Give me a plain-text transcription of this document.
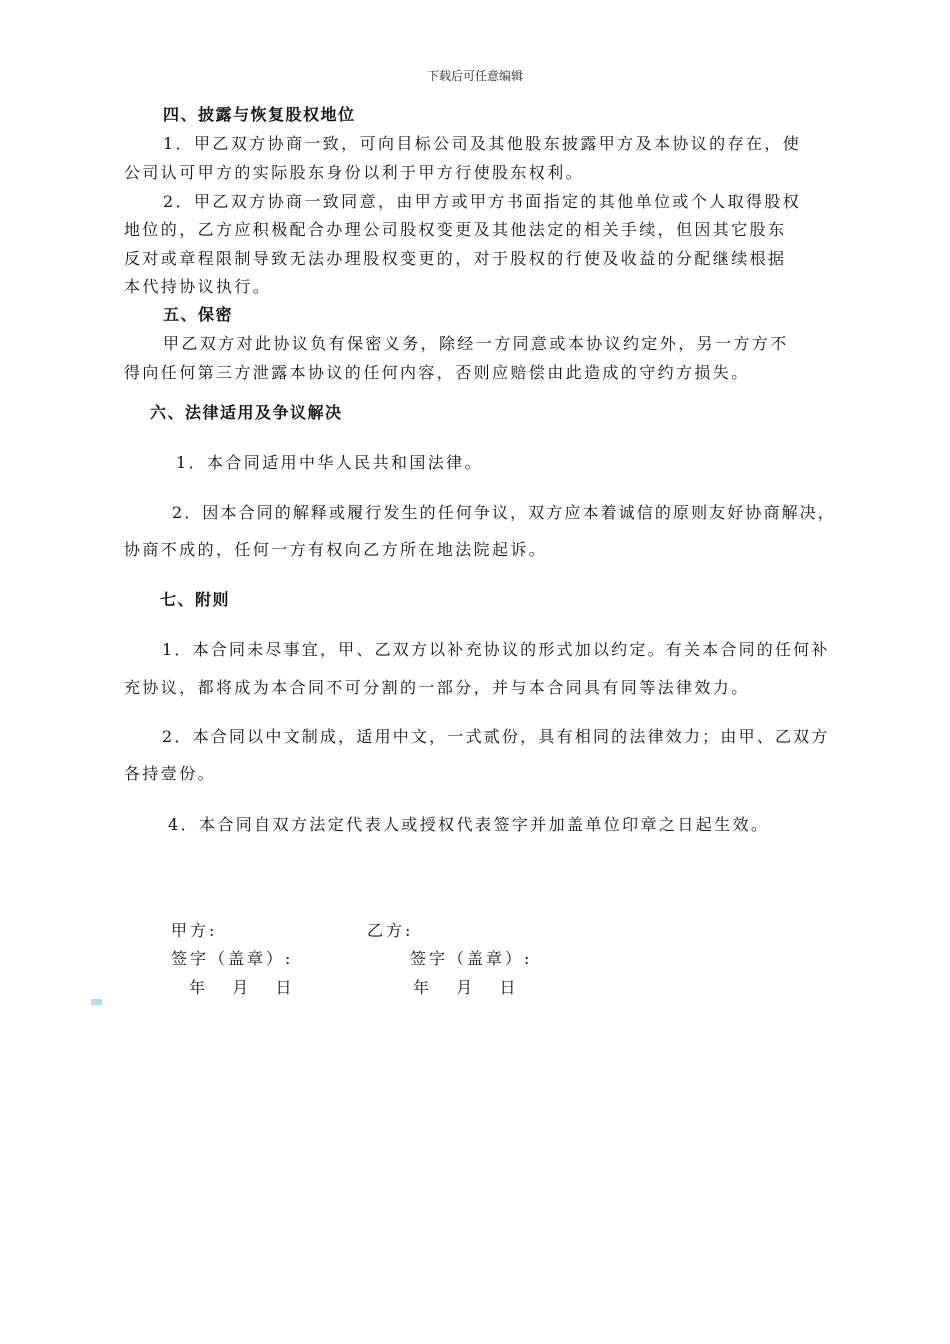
下载后可任意编辑
四、披露与恢复股权地位
1．甲乙双方协商一致，可向目标公司及其他股东披露甲方及本协议的存在，使
公司认可甲方的实际股东身份以利于甲方行使股东权利。
2．甲乙双方协商一致同意，由甲方或甲方书面指定的其他单位或个人取得股权
地位的，乙方应积极配合办理公司股权变更及其他法定的相关手续，但因其它股东
反对或章程限制导致无法办理股权变更的，对于股权的行使及收益的分配继续根据
本代持协议执行。
五、保密
甲乙双方对此协议负有保密义务，除经一方同意或本协议约定外，另一方方不
得向任何第三方泄露本协议的任何内容，否则应赔偿由此造成的守约方损失。
六、法律适用及争议解决
1．本合同适用中华人民共和国法律。
2．因本合同的解释或履行发生的任何争议，双方应本着诚信的原则友好协商解决，
协商不成的，任何一方有权向乙方所在地法院起诉。
七、附则
1．本合同未尽事宜，甲、乙双方以补充协议的形式加以约定。有关本合同的任何补
充协议，都将成为本合同不可分割的一部分，并与本合同具有同等法律效力。
2．本合同以中文制成，适用中文，一式贰份，具有相同的法律效力；由甲、乙双方
各持壹份。
4．本合同自双方法定代表人或授权代表签字并加盖单位印章之日起生效。
甲方:	乙方:
签字（盖章）:	签字（盖章）:
年   月   日	年   月   日
